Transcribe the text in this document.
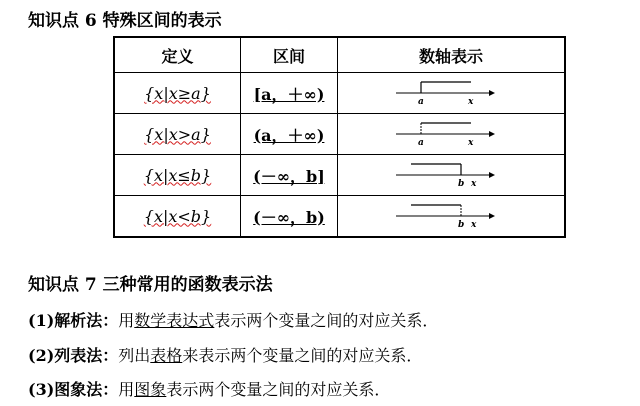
知识点 6 特殊区间的表示
定义	区间	数轴表示
{x|x≥a}	[a，＋∞)	a x

{x|x>a}	(a，＋∞)	a x

{x|x≤b}	(－∞，b]	b x

{x|x<b}	(－∞，b)	b x
知识点 7 三种常用的函数表示法
(1)解析法：用数学表达式表示两个变量之间的对应关系．
(2)列表法：列出表格来表示两个变量之间的对应关系．
(3)图象法：用图象表示两个变量之间的对应关系．
